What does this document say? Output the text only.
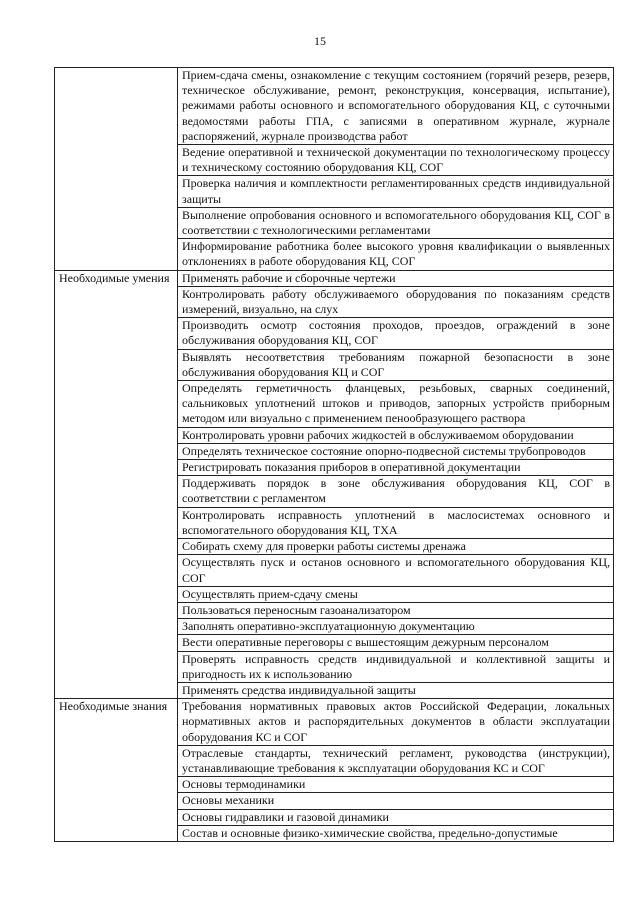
15
	Прием-сдача смены, ознакомление с текущим состоянием (горячий резерв, резерв, техническое обслуживание, ремонт, реконструкция, консервация, испытание), режимами работы основного и вспомогательного оборудования КЦ, с суточными ведомостями работы ГПА, с записями в оперативном журнале, журнале распоряжений, журнале производства работ
	Ведение оперативной и технической документации по технологическому процессу и техническому состоянию оборудования КЦ, СОГ
	Проверка наличия и комплектности регламентированных средств индивидуальной защиты
	Выполнение опробования основного и вспомогательного оборудования КЦ, СОГ в соответствии с технологическими регламентами
	Информирование работника более высокого уровня квалификации о выявленных отклонениях в работе оборудования КЦ, СОГ
Необходимые умения	Применять рабочие и сборочные чертежи
	Контролировать работу обслуживаемого оборудования по показаниям средств измерений, визуально, на слух
	Производить осмотр состояния проходов, проездов, ограждений в зоне обслуживания оборудования КЦ, СОГ
	Выявлять несоответствия требованиям пожарной безопасности в зоне обслуживания оборудования КЦ и СОГ
	Определять герметичность фланцевых, резьбовых, сварных соединений, сальниковых уплотнений штоков и приводов, запорных устройств приборным методом или визуально с применением пенообразующего раствора
	Контролировать уровни рабочих жидкостей в обслуживаемом оборудовании
	Определять техническое состояние опорно-подвесной системы трубопроводов
	Регистрировать показания приборов в оперативной документации
	Поддерживать порядок в зоне обслуживания оборудования КЦ, СОГ в соответствии с регламентом
	Контролировать исправность уплотнений в маслосистемах основного и вспомогательного оборудования КЦ, ТХА
	Собирать схему для проверки работы системы дренажа
	Осуществлять пуск и останов основного и вспомогательного оборудования КЦ, СОГ
	Осуществлять прием-сдачу смены
	Пользоваться переносным газоанализатором
	Заполнять оперативно-эксплуатационную документацию
	Вести оперативные переговоры с вышестоящим дежурным персоналом
	Проверять исправность средств индивидуальной и коллективной защиты и пригодность их к использованию
	Применять средства индивидуальной защиты
Необходимые знания	Требования нормативных правовых актов Российской Федерации, локальных нормативных актов и распорядительных документов в области эксплуатации оборудования КС и СОГ
	Отраслевые стандарты, технический регламент, руководства (инструкции), устанавливающие требования к эксплуатации оборудования КС и СОГ
	Основы термодинамики
	Основы механики
	Основы гидравлики и газовой динамики
	Состав и основные физико-химические свойства, предельно-допустимые
